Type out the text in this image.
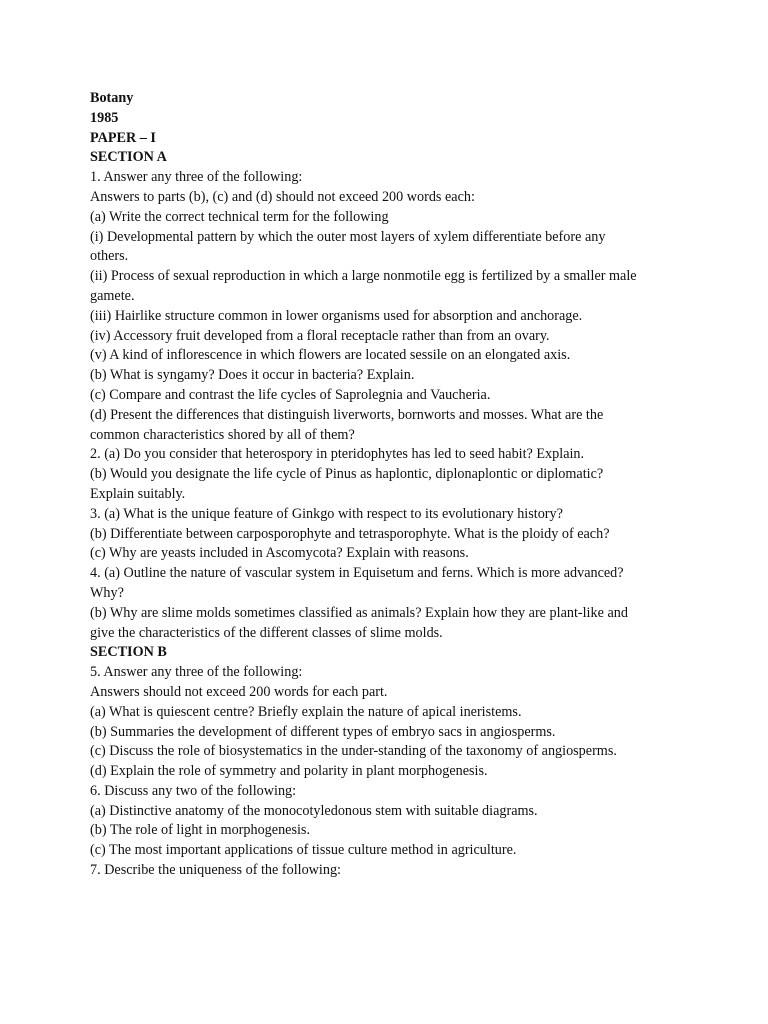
Botany
1985
PAPER – I
SECTION A
1. Answer any three of the following:
Answers to parts (b), (c) and (d) should not exceed 200 words each:
(a) Write the correct technical term for the following
(i) Developmental pattern by which the outer most layers of xylem differentiate before any
others.
(ii) Process of sexual reproduction in which a large nonmotile egg is fertilized by a smaller male
gamete.
(iii) Hairlike structure common in lower organisms used for absorption and anchorage.
(iv) Accessory fruit developed from a floral receptacle rather than from an ovary.
(v) A kind of inflorescence in which flowers are located sessile on an elongated axis.
(b) What is syngamy? Does it occur in bacteria? Explain.
(c) Compare and contrast the life cycles of Saprolegnia and Vaucheria.
(d) Present the differences that distinguish liverworts, bornworts and mosses. What are the
common characteristics shored by all of them?
2. (a) Do you consider that heterospory in pteridophytes has led to seed habit? Explain.
(b) Would you designate the life cycle of Pinus as haplontic, diplonaplontic or diplomatic?
Explain suitably.
3. (a) What is the unique feature of Ginkgo with respect to its evolutionary history?
(b) Differentiate between carposporophyte and tetrasporophyte. What is the ploidy of each?
(c) Why are yeasts included in Ascomycota? Explain with reasons.
4. (a) Outline the nature of vascular system in Equisetum and ferns. Which is more advanced?
Why?
(b) Why are slime molds sometimes classified as animals? Explain how they are plant-like and
give the characteristics of the different classes of slime molds.
SECTION B
5. Answer any three of the following:
Answers should not exceed 200 words for each part.
(a) What is quiescent centre? Briefly explain the nature of apical ineristems.
(b) Summaries the development of different types of embryo sacs in angiosperms.
(c) Discuss the role of biosystematics in the under-standing of the taxonomy of angiosperms.
(d) Explain the role of symmetry and polarity in plant morphogenesis.
6. Discuss any two of the following:
(a) Distinctive anatomy of the monocotyledonous stem with suitable diagrams.
(b) The role of light in morphogenesis.
(c) The most important applications of tissue culture method in agriculture.
7. Describe the uniqueness of the following:
